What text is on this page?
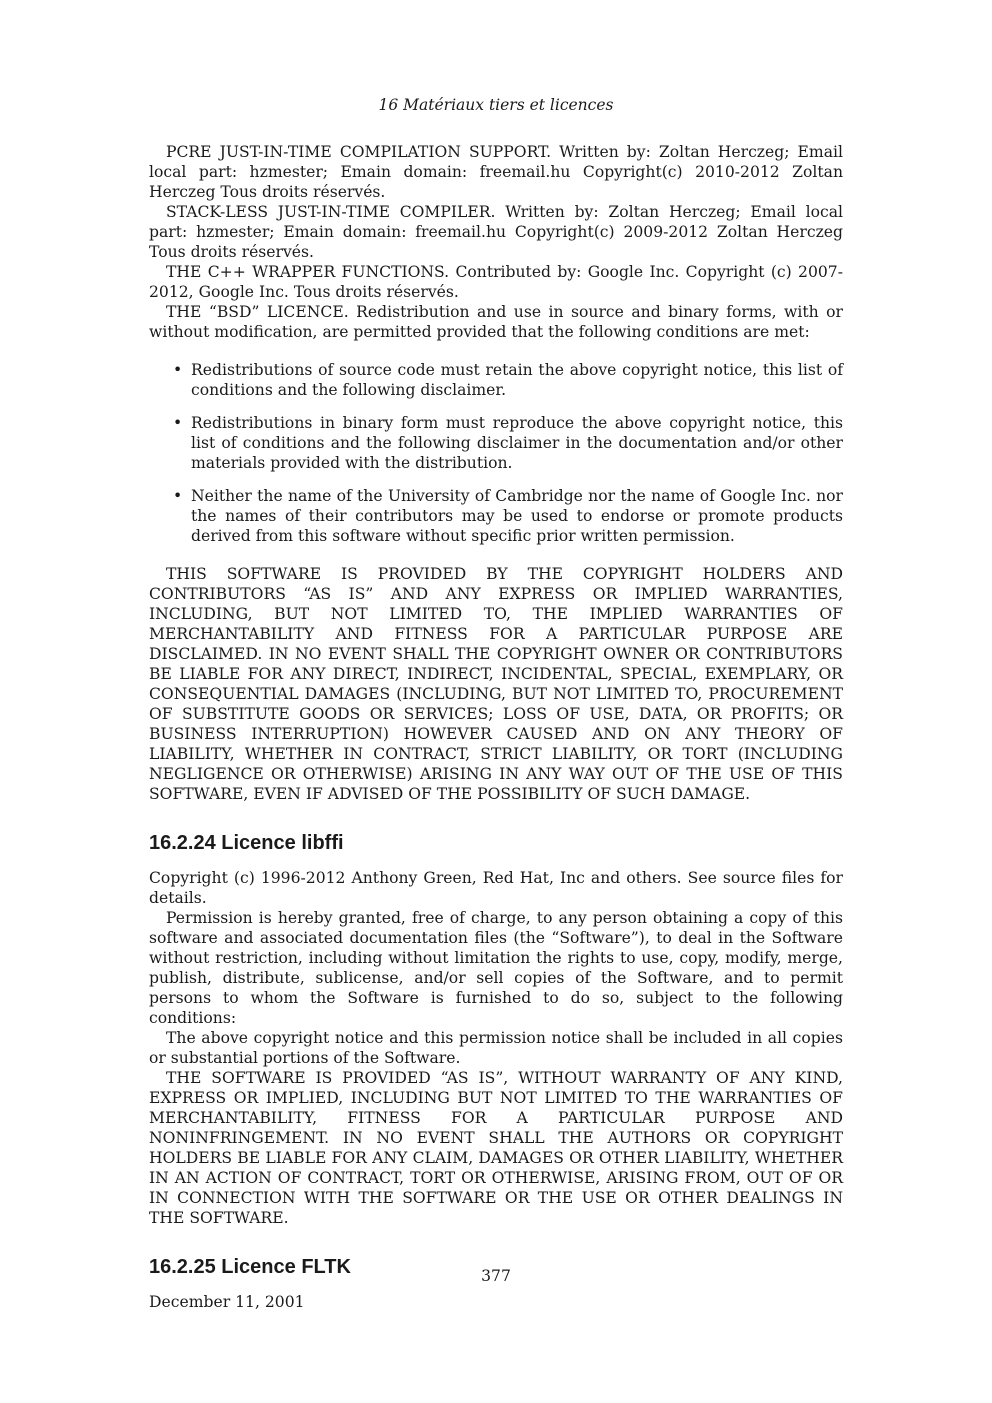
16 Matériaux tiers et licences

PCRE JUST-IN-TIME COMPILATION SUPPORT. Written by: Zoltan Herczeg; Email local part: hzmester; Emain domain: freemail.hu Copyright(c) 2010-2012 Zoltan Herczeg Tous droits réservés.

STACK-LESS JUST-IN-TIME COMPILER. Written by: Zoltan Herczeg; Email local part: hzmester; Emain domain: freemail.hu Copyright(c) 2009-2012 Zoltan Herczeg Tous droits réservés.

THE C++ WRAPPER FUNCTIONS. Contributed by: Google Inc. Copyright (c) 2007-2012, Google Inc. Tous droits réservés.

THE “BSD” LICENCE. Redistribution and use in source and binary forms, with or without modification, are permitted provided that the following conditions are met:

• Redistributions of source code must retain the above copyright notice, this list of conditions and the following disclaimer.
• Redistributions in binary form must reproduce the above copyright notice, this list of conditions and the following disclaimer in the documentation and/or other materials provided with the distribution.
• Neither the name of the University of Cambridge nor the name of Google Inc. nor the names of their contributors may be used to endorse or promote products derived from this software without specific prior written permission.

THIS SOFTWARE IS PROVIDED BY THE COPYRIGHT HOLDERS AND CONTRIBUTORS “AS IS” AND ANY EXPRESS OR IMPLIED WARRANTIES, INCLUDING, BUT NOT LIMITED TO, THE IMPLIED WARRANTIES OF MERCHANTABILITY AND FITNESS FOR A PARTICULAR PURPOSE ARE DISCLAIMED. IN NO EVENT SHALL THE COPYRIGHT OWNER OR CONTRIBUTORS BE LIABLE FOR ANY DIRECT, INDIRECT, INCIDENTAL, SPECIAL, EXEMPLARY, OR CONSEQUENTIAL DAMAGES (INCLUDING, BUT NOT LIMITED TO, PROCUREMENT OF SUBSTITUTE GOODS OR SERVICES; LOSS OF USE, DATA, OR PROFITS; OR BUSINESS INTERRUPTION) HOWEVER CAUSED AND ON ANY THEORY OF LIABILITY, WHETHER IN CONTRACT, STRICT LIABILITY, OR TORT (INCLUDING NEGLIGENCE OR OTHERWISE) ARISING IN ANY WAY OUT OF THE USE OF THIS SOFTWARE, EVEN IF ADVISED OF THE POSSIBILITY OF SUCH DAMAGE.

16.2.24 Licence libffi

Copyright (c) 1996-2012 Anthony Green, Red Hat, Inc and others. See source files for details.

Permission is hereby granted, free of charge, to any person obtaining a copy of this software and associated documentation files (the “Software”), to deal in the Software without restriction, including without limitation the rights to use, copy, modify, merge, publish, distribute, sublicense, and/or sell copies of the Software, and to permit persons to whom the Software is furnished to do so, subject to the following conditions:

The above copyright notice and this permission notice shall be included in all copies or substantial portions of the Software.

THE SOFTWARE IS PROVIDED “AS IS”, WITHOUT WARRANTY OF ANY KIND, EXPRESS OR IMPLIED, INCLUDING BUT NOT LIMITED TO THE WARRANTIES OF MERCHANTABILITY, FITNESS FOR A PARTICULAR PURPOSE AND NONINFRINGEMENT. IN NO EVENT SHALL THE AUTHORS OR COPYRIGHT HOLDERS BE LIABLE FOR ANY CLAIM, DAMAGES OR OTHER LIABILITY, WHETHER IN AN ACTION OF CONTRACT, TORT OR OTHERWISE, ARISING FROM, OUT OF OR IN CONNECTION WITH THE SOFTWARE OR THE USE OR OTHER DEALINGS IN THE SOFTWARE.

16.2.25 Licence FLTK

December 11, 2001

377
